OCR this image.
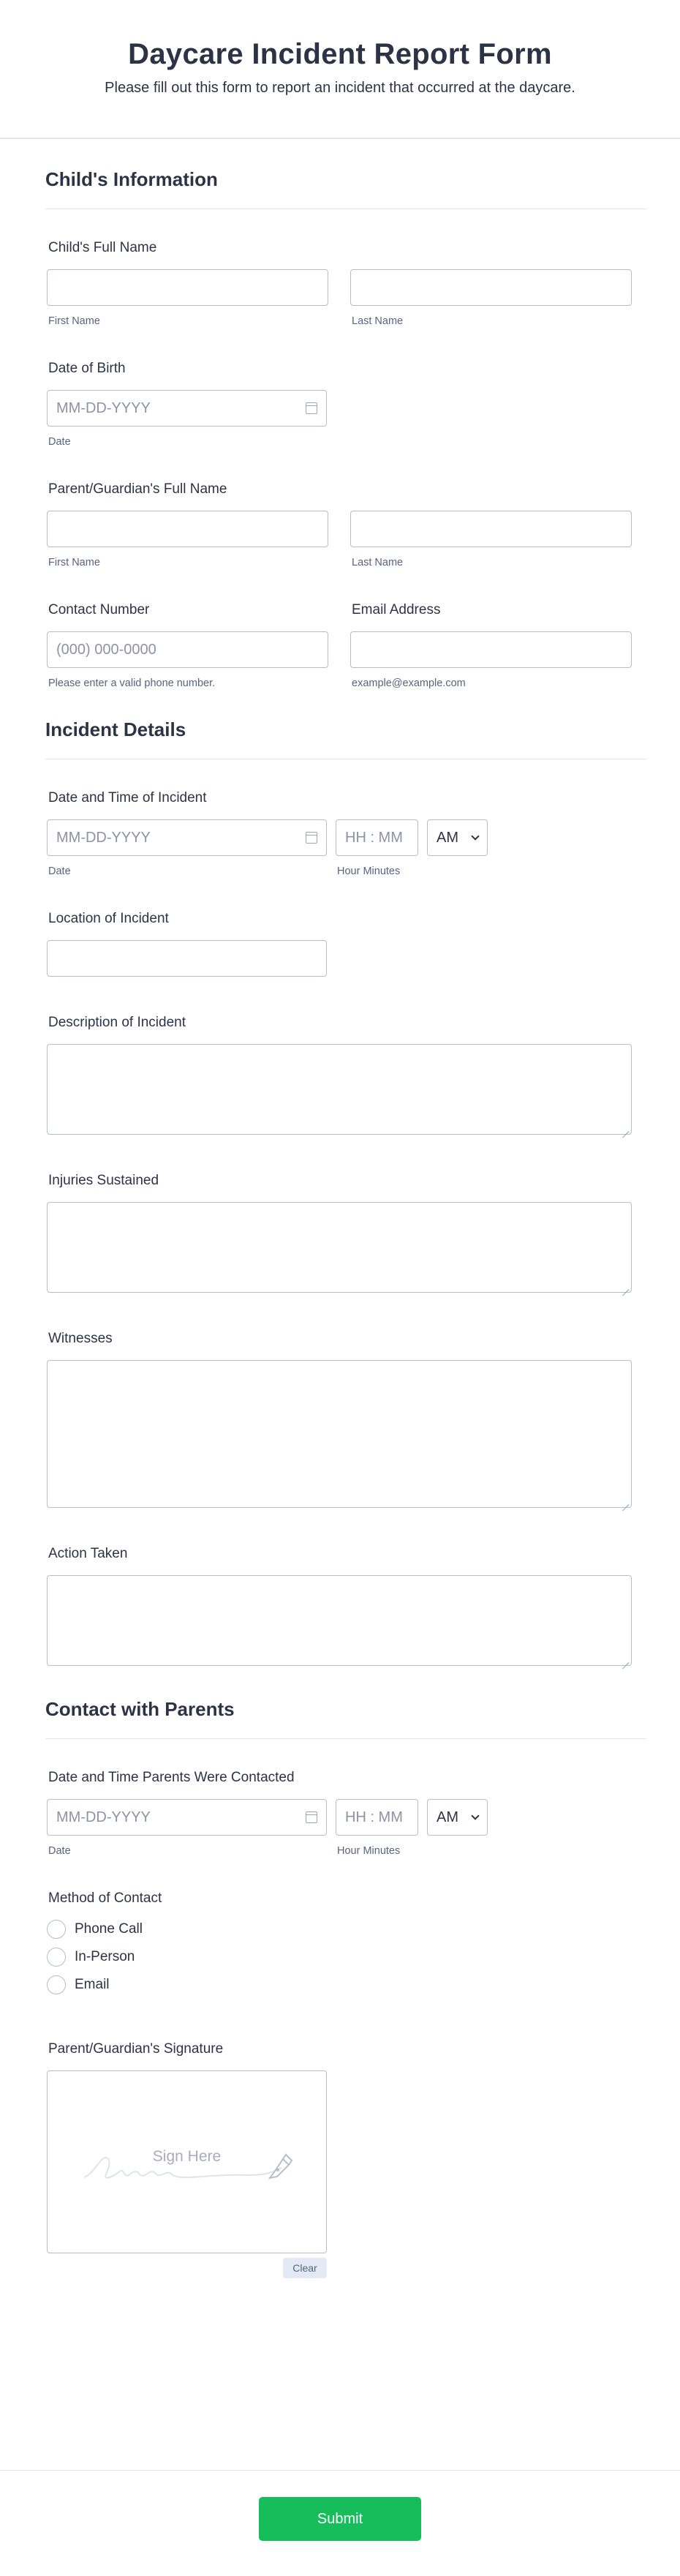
Daycare Incident Report Form
Please fill out this form to report an incident that occurred at the daycare.
Child's Information
Child's Full Name
First Name	Last Name
Date of Birth
MM-DD-YYYY
Date
Parent/Guardian's Full Name
First Name	Last Name
Contact Number
(000) 000-0000
Please enter a valid phone number.
Email Address
example@example.com
Incident Details
Date and Time of Incident
MM-DD-YYYY
Date
HH : MM
Hour Minutes
AM
Location of Incident
Description of Incident
Injuries Sustained
Witnesses
Action Taken
Contact with Parents
Date and Time Parents Were Contacted
MM-DD-YYYY
Date
HH : MM
Hour Minutes
AM
Method of Contact
Phone Call
In-Person
Email
Parent/Guardian's Signature
Sign Here
Clear
Submit
